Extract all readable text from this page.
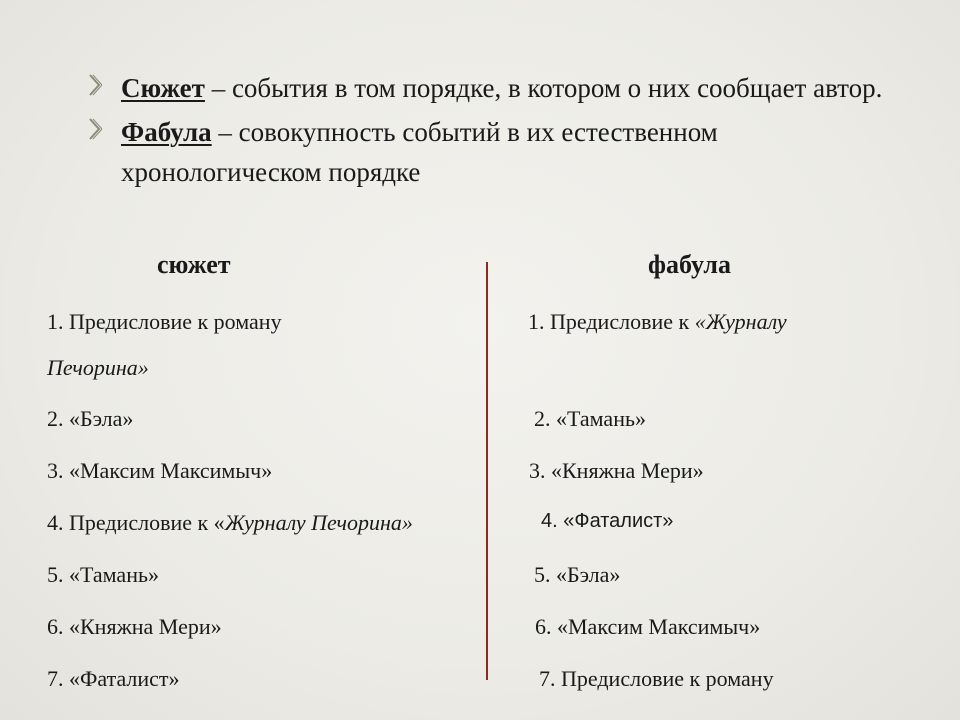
Сюжет – события в том порядке, в котором о них сообщает автор.
Фабула – совокупность событий в их естественном хронологическом порядке
сюжет	фабула
1. Предисловие к роману
Печорина»
2. «Бэла»
3. «Максим Максимыч»
4. Предисловие к «Журналу Печорина»
5. «Тамань»
6. «Княжна Мери»
7. «Фаталист»
1. Предисловие к «Журналу
2. «Тамань»
3. «Княжна Мери»
4. «Фаталист»
5. «Бэла»
6. «Максим Максимыч»
7. Предисловие к роману
